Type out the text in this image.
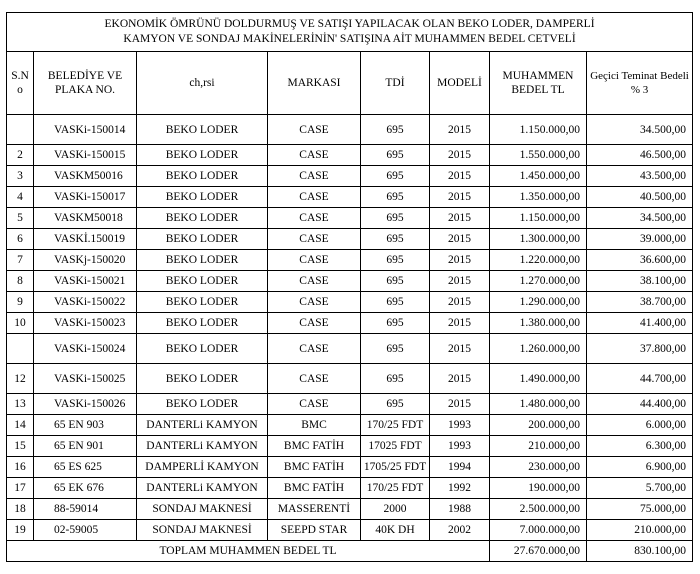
EKONOMİK ÖMRÜNÜ DOLDURMUŞ VE SATIŞI YAPILACAK OLAN BEKO LODER, DAMPERLİ
KAMYON VE SONDAJ MAKİNELERİNİN' SATIŞINA AİT MUHAMMEN BEDEL CETVELİ							

S.N o	BELEDİYE VE PLAKA NO.	ch,rsi	MARKASI	TDİ	MODELİ	MUHAMMEN BEDEL TL	Geçici Teminat Bedeli % 3
	VASKi-150014	BEKO LODER	CASE	695	2015	1.150.000,00	34.500,00
2	VASKi-150015	BEKO LODER	CASE	695	2015	1.550.000,00	46.500,00
3	VASKM50016	BEKO LODER	CASE	695	2015	1.450.000,00	43.500,00
4	VASKi-150017	BEKO LODER	CASE	695	2015	1.350.000,00	40.500,00
5	VASKM50018	BEKO LODER	CASE	695	2015	1.150.000,00	34.500,00
6	VASKİ.150019	BEKO LODER	CASE	695	2015	1.300.000,00	39.000,00
7	VASKj-150020	BEKO LODER	CASE	695	2015	1.220.000,00	36.600,00
8	VASKi-150021	BEKO LODER	CASE	695	2015	1.270.000,00	38.100,00
9	VASKi-150022	BEKO LODER	CASE	695	2015	1.290.000,00	38.700,00
10	VASKi-150023	BEKO LODER	CASE	695	2015	1.380.000,00	41.400,00
	VASKi-150024	BEKO LODER	CASE	695	2015	1.260.000,00	37.800,00
12	VASKi-150025	BEKO LODER	CASE	695	2015	1.490.000,00	44.700,00
13	VASKi-150026	BEKO LODER	CASE	695	2015	1.480.000,00	44.400,00
14	65 EN 903	DANTERLi KAMYON	BMC	170/25 FDT	1993	200.000,00	6.000,00
15	65 EN 901	DANTERLi KAMYON	BMC FATİH	17025 FDT	1993	210.000,00	6.300,00
16	65 ES 625	DAMPERLİ KAMYON	BMC FATİH	1705/25 FDT	1994	230.000,00	6.900,00
17	65 EK 676	DANTERLi KAMYON	BMC FATİH	170/25 FDT	1992	190.000,00	5.700,00
18	88-59014	SONDAJ MAKNESİ	MASSERENTİ	2000	1988	2.500.000,00	75.000,00
19	02-59005	SONDAJ MAKNESİ	SEEPD STAR	40K DH	2002	7.000.000,00	210.000,00
TOPLAM MUHAMMEN BEDEL TL						27.670.000,00	830.100,00
